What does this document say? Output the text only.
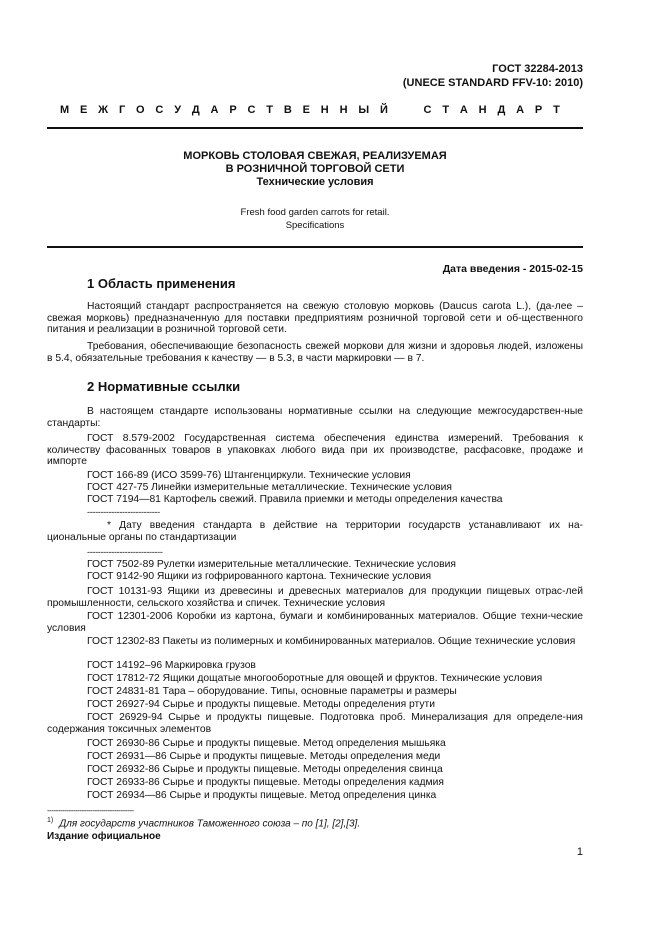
ГОСТ 32284-2013
(UNECE STANDARD FFV-10: 2010)
М Е Ж Г О С У Д А Р С Т В Е Н Н Ы Й	С Т А Н Д А Р Т
МОРКОВЬ СТОЛОВАЯ СВЕЖАЯ, РЕАЛИЗУЕМАЯ
В РОЗНИЧНОЙ ТОРГОВОЙ СЕТИ
Технические условия
Fresh food garden carrots for retail.
Specifications
Дата введения - 2015-02-15
1 Область применения
Настоящий стандарт распространяется на свежую столовую морковь (Daucus carota L.), (да-лее – свежая морковь) предназначенную для поставки предприятиям розничной торговой сети и об-щественного питания и реализации в розничной торговой сети.
Требования, обеспечивающие безопасность свежей моркови для жизни и здоровья людей, изложены в 5.4, обязательные требования к качеству — в 5.3, в части маркировки — в 7.
2 Нормативные ссылки
В настоящем стандарте использованы нормативные ссылки на следующие межгосударствен-ные стандарты:
ГОСТ 8.579-2002 Государственная система обеспечения единства измерений. Требования к количеству фасованных товаров в упаковках любого вида при их производстве, расфасовке, продаже и импорте
ГОСТ 166-89 (ИСО 3599-76) Штангенциркули. Технические условия
ГОСТ 427-75 Линейки измерительные металлические. Технические условия
ГОСТ 7194—81 Картофель свежий. Правила приемки и методы определения качества
---------------------------
* Дату введения стандарта в действие на территории государств устанавливают их на-циональные органы по стандартизации
----------------------------
ГОСТ 7502-89 Рулетки измерительные металлические. Технические условия
ГОСТ 9142-90 Ящики из гофрированного картона. Технические условия
ГОСТ 10131-93 Ящики из древесины и древесных материалов для продукции пищевых отрас-лей промышленности, сельского хозяйства и спичек. Технические условия
ГОСТ 12301-2006 Коробки из картона, бумаги и комбинированных материалов. Общие техни-ческие условия
ГОСТ 12302-83 Пакеты из полимерных и комбинированных материалов. Общие технические условия
ГОСТ 14192–96 Маркировка грузов
ГОСТ 17812-72 Ящики дощатые многооборотные для овощей и фруктов. Технические условия
ГОСТ 24831-81 Тара – оборудование. Типы, основные параметры и размеры
ГОСТ 26927-94 Сырье и продукты пищевые. Методы определения ртути
ГОСТ 26929-94 Сырье и продукты пищевые. Подготовка проб. Минерализация для определе-ния содержания токсичных элементов
ГОСТ 26930-86 Сырье и продукты пищевые. Метод определения мышьяка
ГОСТ 26931—86 Сырье и продукты пищевые. Методы определения меди
ГОСТ 26932-86 Сырье и продукты пищевые. Методы определения свинца
ГОСТ 26933-86 Сырье и продукты пищевые. Методы определения кадмия
ГОСТ 26934—86 Сырье и продукты пищевые. Метод определения цинка
----------------------------------------
$^{1)}$ Для государств участников Таможенного союза – по [1], [2],[3].
Издание официальное
1
